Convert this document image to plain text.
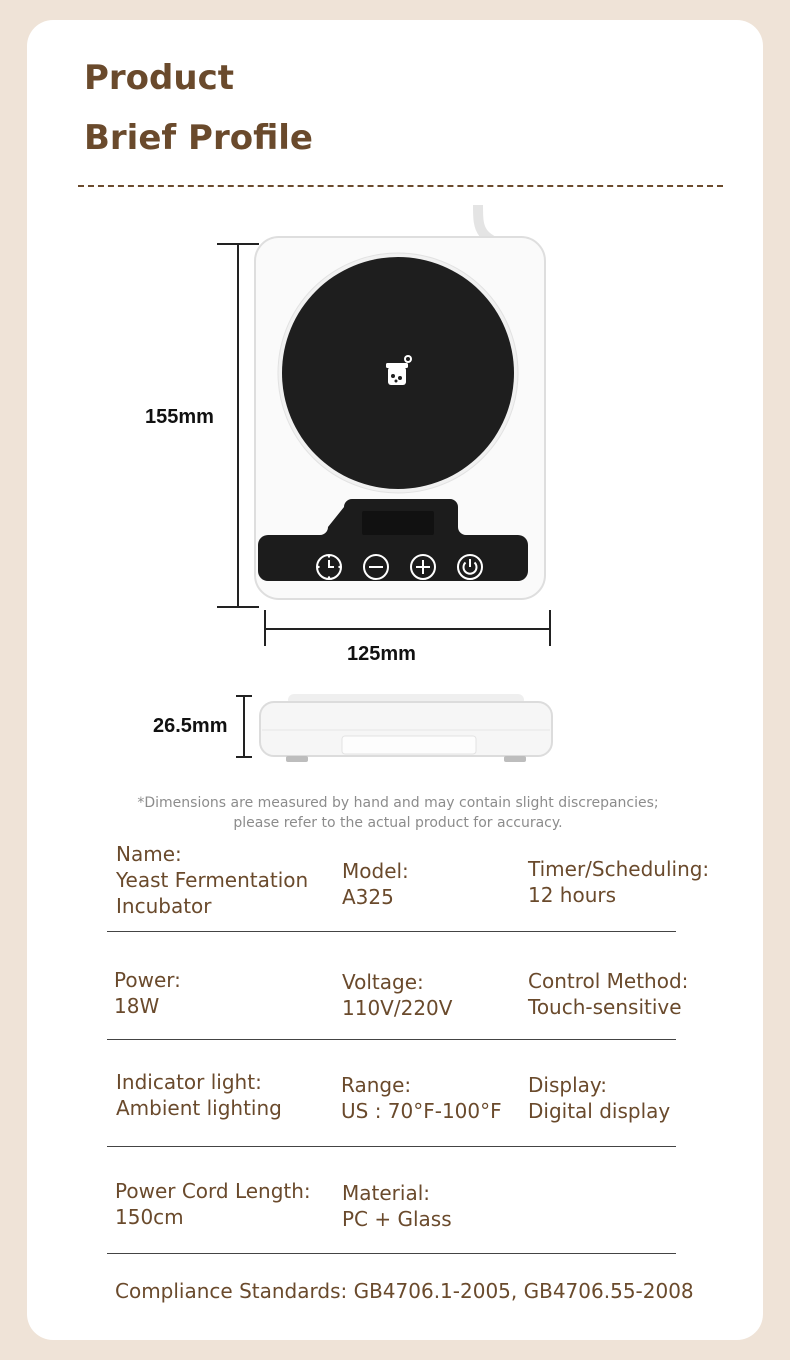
Product
Brief Profile
155mm
125mm
26.5mm

*Dimensions are measured by hand and may contain slight discrepancies;

please refer to the actual product for accuracy.

Name:
Yeast Fermentation
Incubator
Model:
A325
Timer/Scheduling:
12 hours
Power:
18W
Voltage:
110V/220V
Control Method:
Touch-sensitive
Indicator light:
Ambient lighting
Range:
US : 70°F-100°F
Display:
Digital display
Power Cord Length:
150cm
Material:
PC + Glass
Compliance Standards: GB4706.1-2005, GB4706.55-2008
